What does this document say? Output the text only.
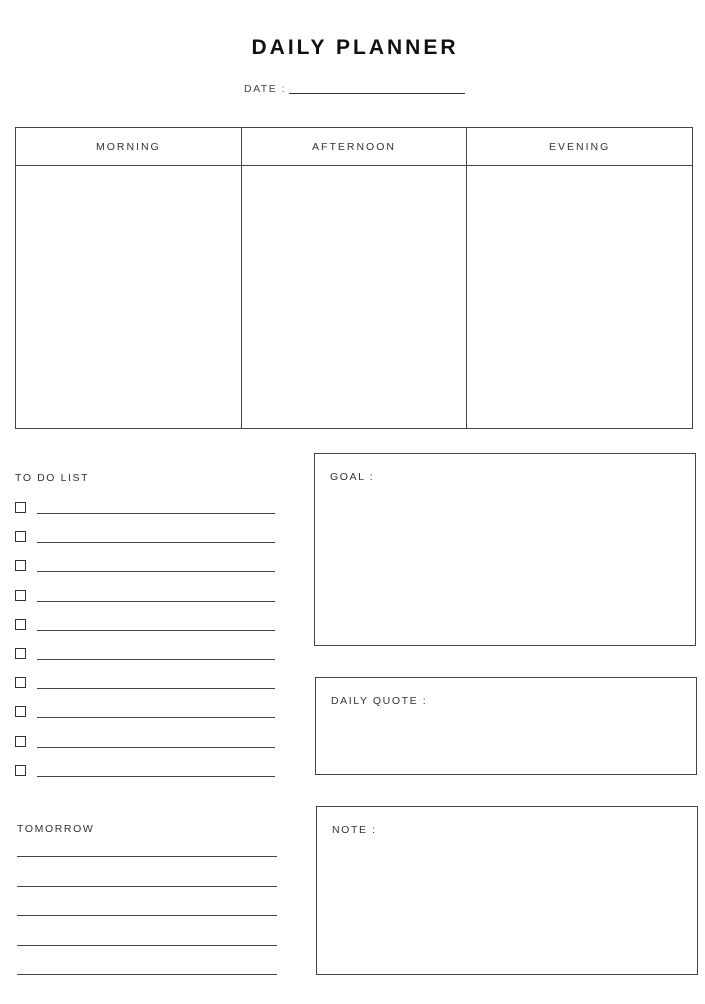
DAILY PLANNER
DATE :
MORNING	AFTERNOON	EVENING
TO DO LIST
TOMORROW
GOAL :
DAILY QUOTE :
NOTE :
